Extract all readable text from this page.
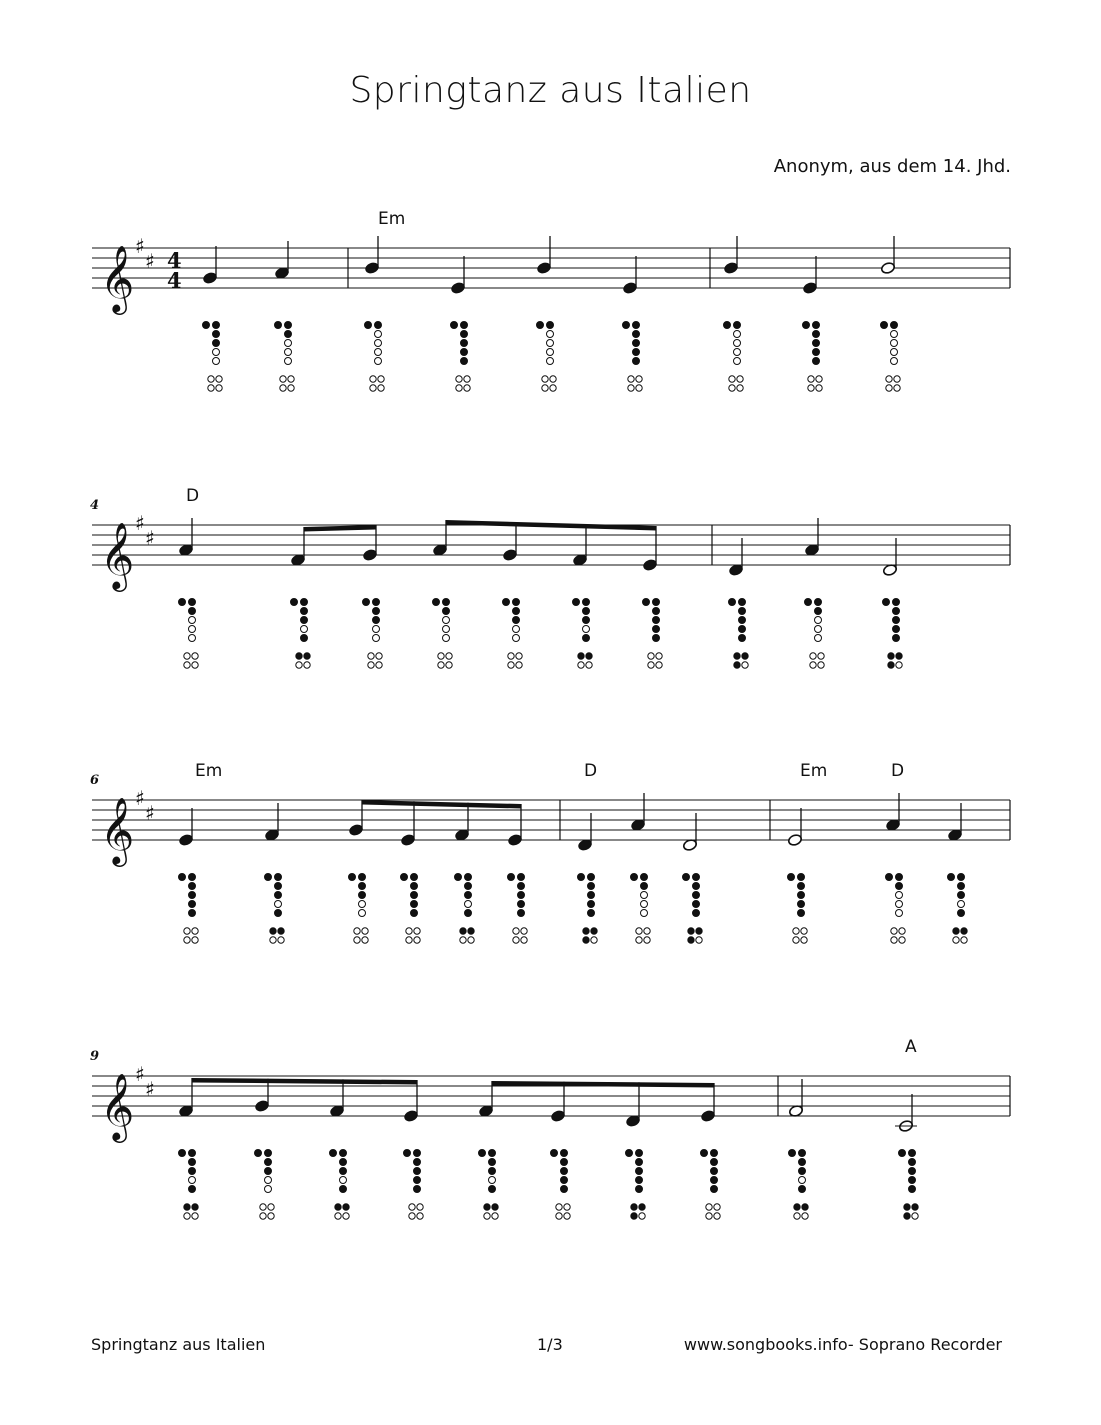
Springtanz aus Italien
Anonym, aus dem 14. Jhd.
𝄞 ♯
♯ 4
4
Em
𝄞 ♯
♯
4	D
𝄞 ♯
♯
6	Em	D	Em	D
𝄞 ♯
♯
9	A
Springtanz aus Italien	1/3	www.songbooks.info- Soprano Recorder
